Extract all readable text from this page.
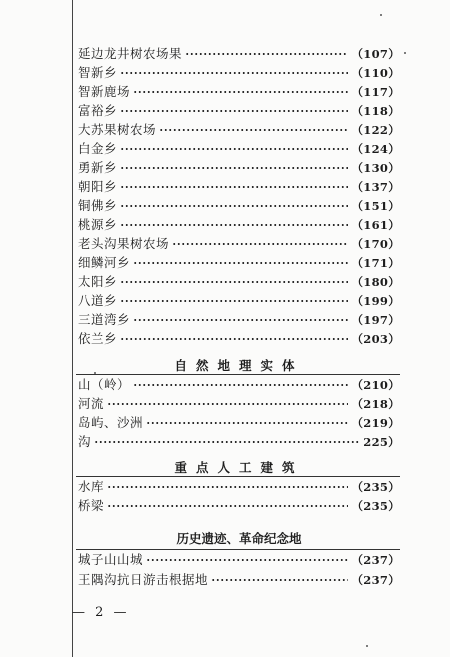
延边龙井树农场果	（107）
智新乡	（110）
智新鹿场	（117）
富裕乡	（118）
大苏果树农场	（122）
白金乡	（124）
勇新乡	（130）
朝阳乡	（137）
铜佛乡	（151）
桃源乡	（161）
老头沟果树农场	（170）
细鳞河乡	（171）
太阳乡	（180）
八道乡	（199）
三道湾乡	（197）
依兰乡	（203）
自然地理实体
山（岭）	（210）
河流	（218）
岛屿、沙洲	（219）
沟	225）
重点人工建筑
水库	（235）
桥梁	（235）
历史遗迹、革命纪念地
城子山山城	（237）
王隅沟抗日游击根据地	（237）
— 2 —
